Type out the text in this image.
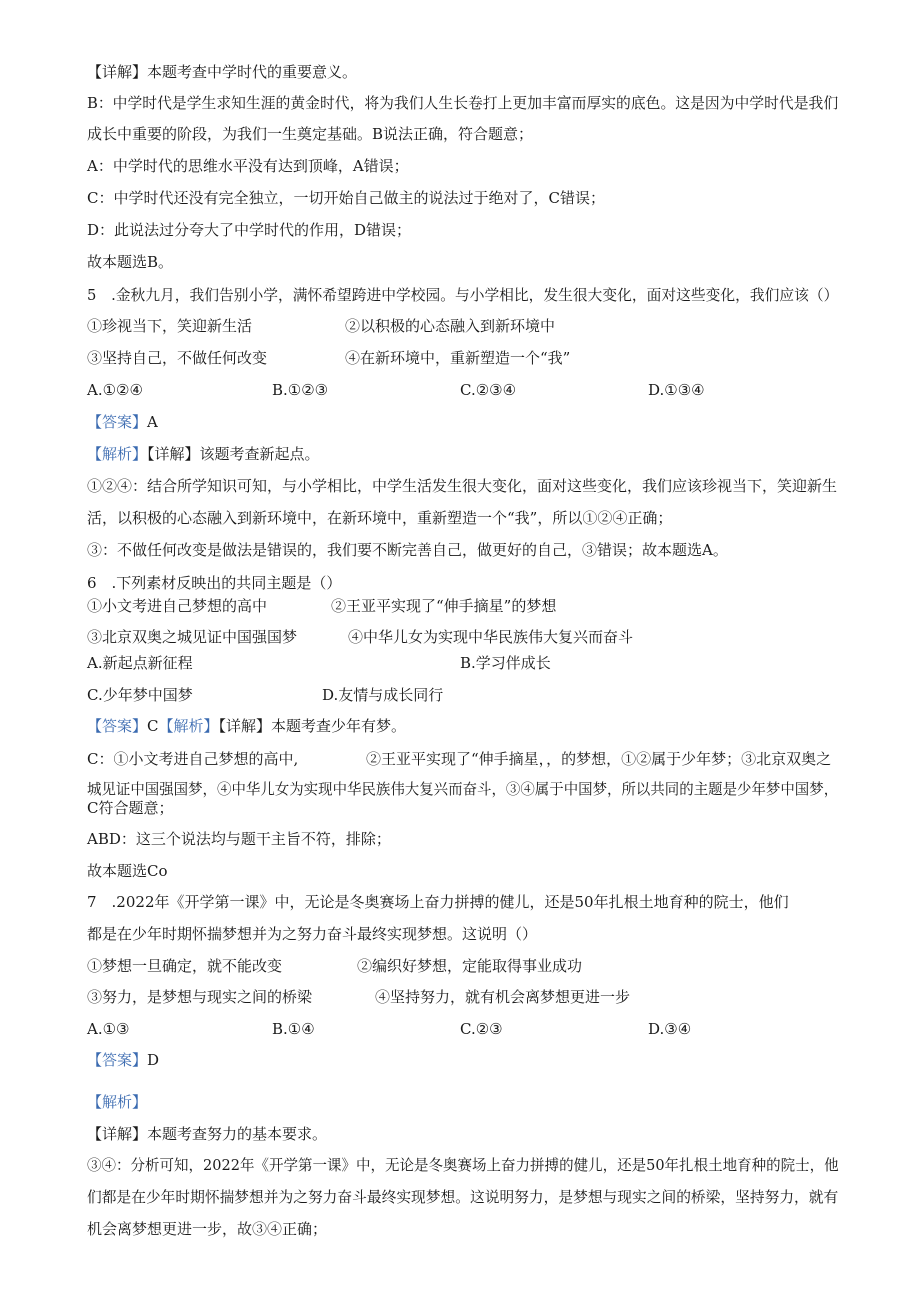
【详解】本题考查中学时代的重要意义。
B：中学时代是学生求知生涯的黄金时代，将为我们人生长卷打上更加丰富而厚实的底色。这是因为中学时代是我们
成长中重要的阶段，为我们一生奠定基础。B说法正确，符合题意；
A：中学时代的思维水平没有达到顶峰，A错误；
C：中学时代还没有完全独立，一切开始自己做主的说法过于绝对了，C错误；
D：此说法过分夸大了中学时代的作用，D错误；
故本题选B。
5　.金秋九月，我们告别小学，满怀希望跨进中学校园。与小学相比，发生很大变化，面对这些变化，我们应该（）
①珍视当下，笑迎新生活	②以积极的心态融入到新环境中
③坚持自己，不做任何改变	④在新环境中，重新塑造一个“我”
A.①②④	B.①②③	C.②③④	D.①③④
【答案】A
【解析】【详解】该题考查新起点。
①②④：结合所学知识可知，与小学相比，中学生活发生很大变化，面对这些变化，我们应该珍视当下，笑迎新生
活，以积极的心态融入到新环境中，在新环境中，重新塑造一个“我”，所以①②④正确；
③：不做任何改变是做法是错误的，我们要不断完善自己，做更好的自己，③错误；故本题选A。
6　.下列素材反映出的共同主题是（）
①小文考进自己梦想的高中	②王亚平实现了“伸手摘星”的梦想
③北京双奥之城见证中国强国梦	④中华儿女为实现中华民族伟大复兴而奋斗
A.新起点新征程	B.学习伴成长
C.少年梦中国梦	D.友情与成长同行
【答案】C【解析】【详解】本题考查少年有梦。
C：①小文考进自己梦想的高中,	②王亚平实现了“伸手摘星，，的梦想，①②属于少年梦；③北京双奥之
城见证中国强国梦，④中华儿女为实现中华民族伟大复兴而奋斗，③④属于中国梦，所以共同的主题是少年梦中国梦，
C符合题意；
ABD：这三个说法均与题干主旨不符，排除；
故本题选Co
7　.2022年《开学第一课》中，无论是冬奥赛场上奋力拼搏的健儿，还是50年扎根土地育种的院士，他们
都是在少年时期怀揣梦想并为之努力奋斗最终实现梦想。这说明（）
①梦想一旦确定，就不能改变	②编织好梦想，定能取得事业成功
③努力，是梦想与现实之间的桥梁	④坚持努力，就有机会离梦想更进一步
A.①③	B.①④	C.②③	D.③④
【答案】D
【解析】
【详解】本题考查努力的基本要求。
③④：分析可知，2022年《开学第一课》中，无论是冬奥赛场上奋力拼搏的健儿，还是50年扎根土地育种的院士，他
们都是在少年时期怀揣梦想并为之努力奋斗最终实现梦想。这说明努力，是梦想与现实之间的桥梁，坚持努力，就有
机会离梦想更进一步，故③④正确；
